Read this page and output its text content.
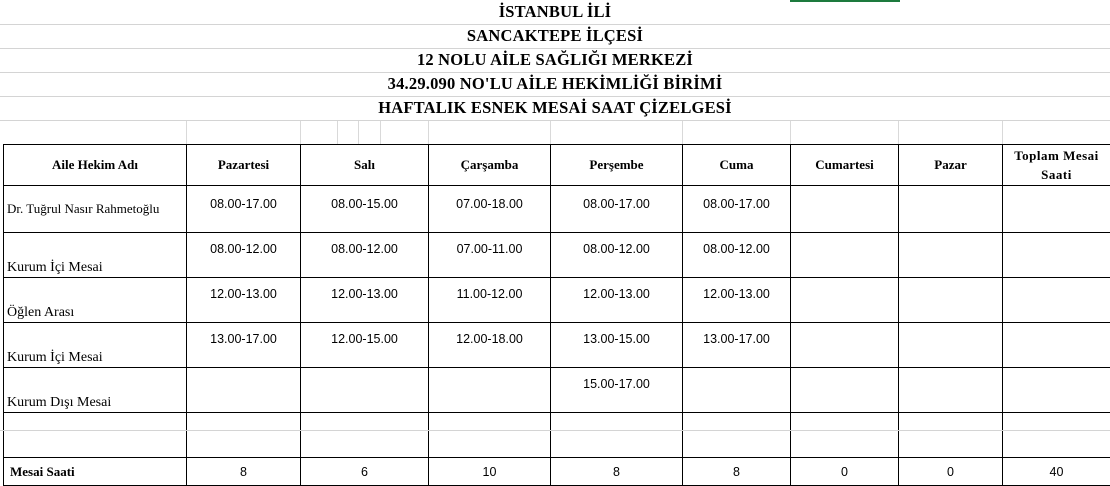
İSTANBUL İLİ
SANCAKTEPE İLÇESİ
12 NOLU AİLE SAĞLIĞI MERKEZİ
34.29.090 NO'LU AİLE HEKİMLİĞİ BİRİMİ
HAFTALIK ESNEK MESAİ SAAT ÇİZELGESİ
Aile Hekim Adı	Pazartesi	Salı	Çarşamba	Perşembe	Cuma	Cumartesi	Pazar	Toplam Mesai Saati
Dr. Tuğrul Nasır Rahmetoğlu	08.00-17.00	08.00-15.00	07.00-18.00	08.00-17.00	08.00-17.00			
Kurum İçi Mesai	08.00-12.00	08.00-12.00	07.00-11.00	08.00-12.00	08.00-12.00			
Öğlen Arası	12.00-13.00	12.00-13.00	11.00-12.00	12.00-13.00	12.00-13.00			
Kurum İçi Mesai	13.00-17.00	12.00-15.00	12.00-18.00	13.00-15.00	13.00-17.00			
Kurum Dışı Mesai				15.00-17.00				

Mesai Saati	8	6	10	8	8	0	0	40
